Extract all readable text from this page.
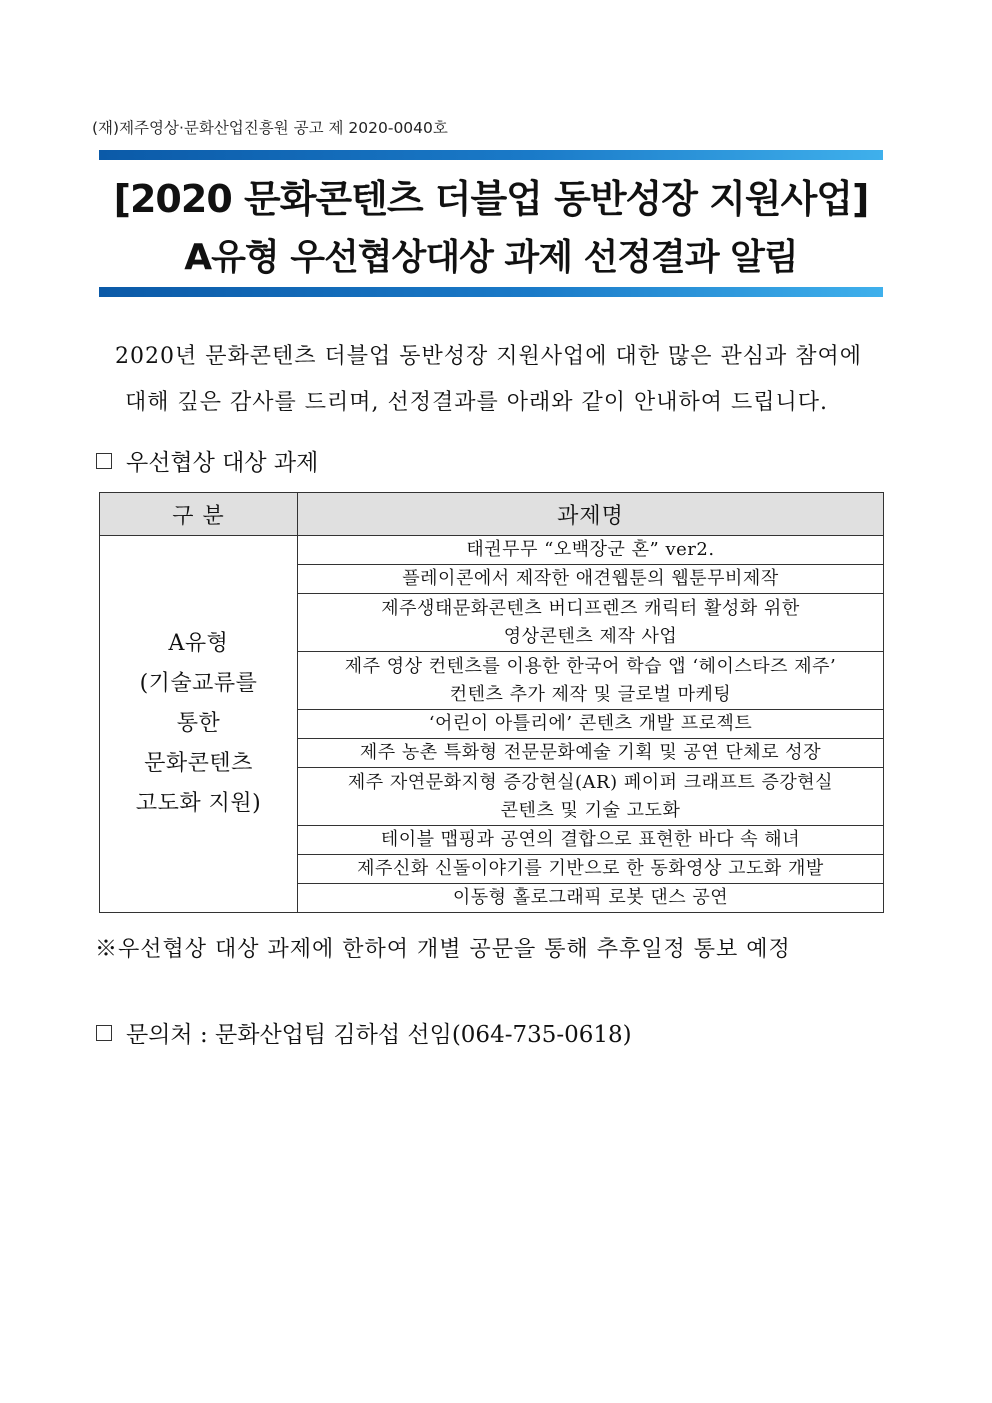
(재)제주영상·문화산업진흥원 공고 제 2020-0040호
[2020 문화콘텐츠 더블업 동반성장 지원사업]
A유형 우선협상대상 과제 선정결과 알림
2020년 문화콘텐츠 더블업 동반성장 지원사업에 대한 많은 관심과 참여에
대해 깊은 감사를 드리며, 선정결과를 아래와 같이 안내하여 드립니다.
우선협상 대상 과제
구 분	과제명

A유형
(기술교류를
통한
문화콘텐츠
고도화 지원)	태권무무 “오백장군 혼” ver2.
	플레이콘에서 제작한 애견웹툰의 웹툰무비제작

	제주생태문화콘텐츠 버디프렌즈 캐릭터 활성화 위한
영상콘텐츠 제작 사업

	제주 영상 컨텐츠를 이용한 한국어 학습 앱 ‘헤이스타즈 제주’
컨텐츠 추가 제작 및 글로벌 마케팅

	‘어린이 아틀리에’ 콘텐츠 개발 프로젝트
	제주 농촌 특화형 전문문화예술 기획 및 공연 단체로 성장

	제주 자연문화지형 증강현실(AR) 페이퍼 크래프트 증강현실
콘텐츠 및 기술 고도화

	테이블 맵핑과 공연의 결합으로 표현한 바다 속 해녀
	제주신화 신돌이야기를 기반으로 한 동화영상 고도화 개발
	이동형 홀로그래픽 로봇 댄스 공연
※우선협상 대상 과제에 한하여 개별 공문을 통해 추후일정 통보 예정
문의처 : 문화산업팀 김하섭 선임(064-735-0618)
